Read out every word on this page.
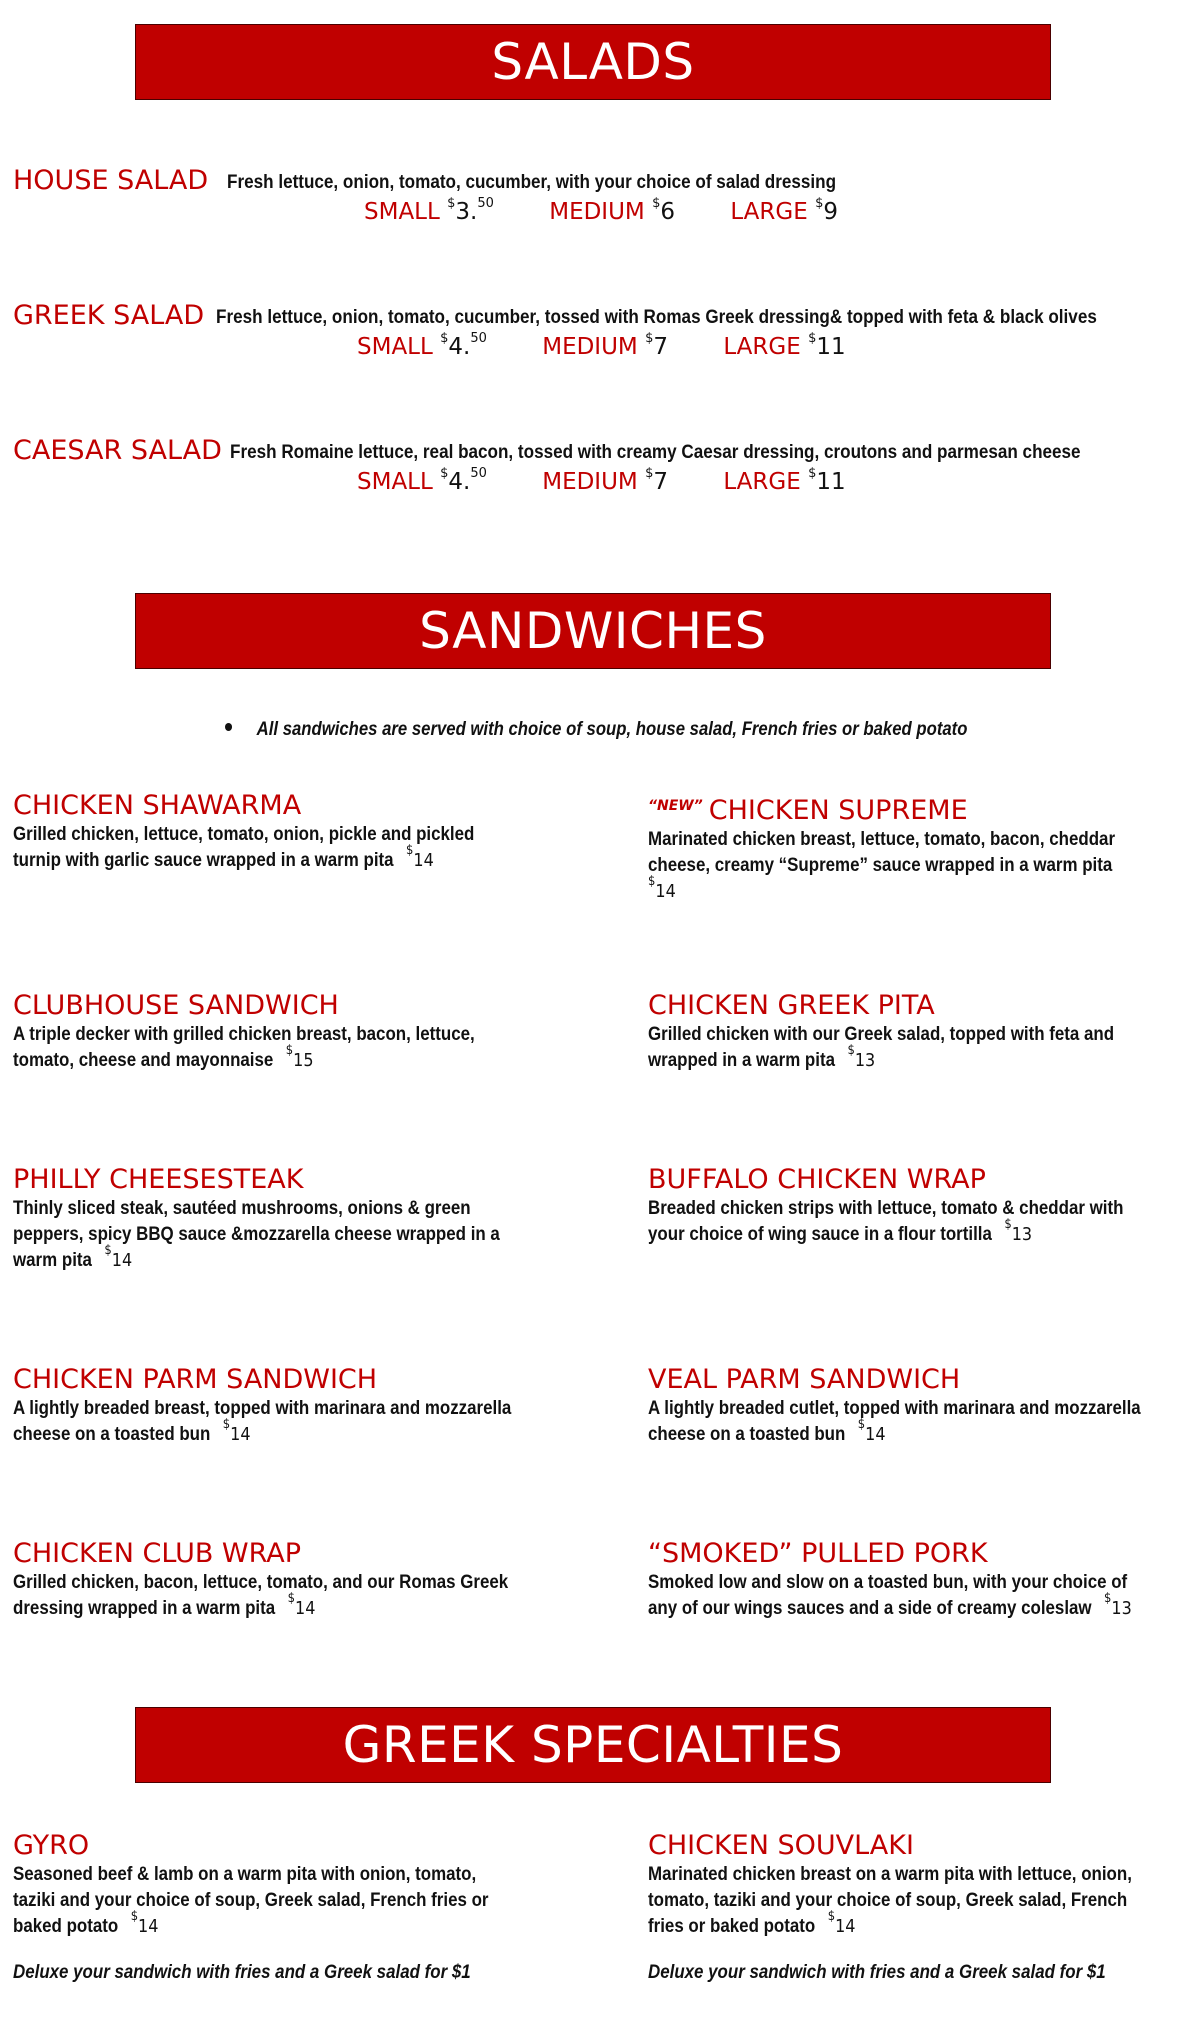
SALADS
HOUSE SALAD Fresh lettuce, onion, tomato, cucumber, with your choice of salad dressing
SMALL $3.50 MEDIUM $6 LARGE $9
GREEK SALAD Fresh lettuce, onion, tomato, cucumber, tossed with Romas Greek dressing& topped with feta & black olives
SMALL $4.50 MEDIUM $7 LARGE $11
CAESAR SALAD Fresh Romaine lettuce, real bacon, tossed with creamy Caesar dressing, croutons and parmesan cheese
SMALL $4.50 MEDIUM $7 LARGE $11
SANDWICHES
All sandwiches are served with choice of soup, house salad, French fries or baked potato
CHICKEN SHAWARMA
Grilled chicken, lettuce, tomato, onion, pickle and pickled turnip with garlic sauce wrapped in a warm pita $14
$^{“NEW”}$ CHICKEN SUPREME
Marinated chicken breast, lettuce, tomato, bacon, cheddar cheese, creamy “Supreme” sauce wrapped in a warm pita
$14
CLUBHOUSE SANDWICH
A triple decker with grilled chicken breast, bacon, lettuce, tomato, cheese and mayonnaise $15
CHICKEN GREEK PITA
Grilled chicken with our Greek salad, topped with feta and wrapped in a warm pita $13
PHILLY CHEESESTEAK
Thinly sliced steak, sautéed mushrooms, onions & green peppers, spicy BBQ sauce &mozzarella cheese wrapped in a warm pita $14
BUFFALO CHICKEN WRAP
Breaded chicken strips with lettuce, tomato & cheddar with your choice of wing sauce in a flour tortilla $13
CHICKEN PARM SANDWICH
A lightly breaded breast, topped with marinara and mozzarella cheese on a toasted bun $14
VEAL PARM SANDWICH
A lightly breaded cutlet, topped with marinara and mozzarella cheese on a toasted bun $14
CHICKEN CLUB WRAP
Grilled chicken, bacon, lettuce, tomato, and our Romas Greek dressing wrapped in a warm pita $14
“SMOKED” PULLED PORK
Smoked low and slow on a toasted bun, with your choice of any of our wings sauces and a side of creamy coleslaw $13
GREEK SPECIALTIES
GYRO
Seasoned beef & lamb on a warm pita with onion, tomato, taziki and your choice of soup, Greek salad, French fries or baked potato $14
CHICKEN SOUVLAKI
Marinated chicken breast on a warm pita with lettuce, onion, tomato, taziki and your choice of soup, Greek salad, French fries or baked potato $14
Deluxe your sandwich with fries and a Greek salad for $1	Deluxe your sandwich with fries and a Greek salad for $1
